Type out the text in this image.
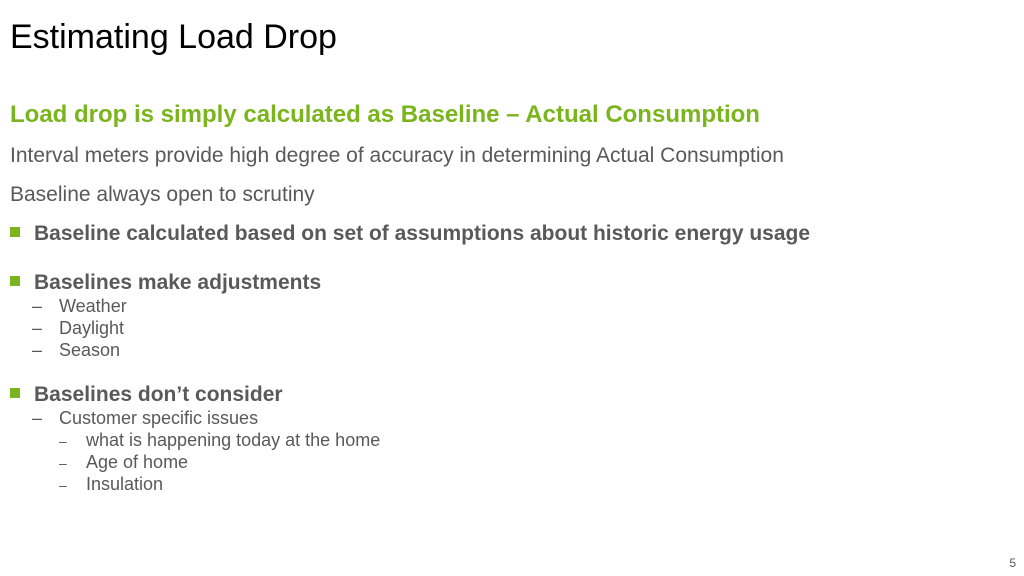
Estimating Load Drop
Load drop is simply calculated as Baseline – Actual Consumption
Interval meters provide high degree of accuracy in determining Actual Consumption
Baseline always open to scrutiny
Baseline calculated based on set of assumptions about historic energy usage
Baselines make adjustments
– Weather
– Daylight
– Season
Baselines don’t consider
– Customer specific issues
– what is happening today at the home
– Age of home
– Insulation
5
